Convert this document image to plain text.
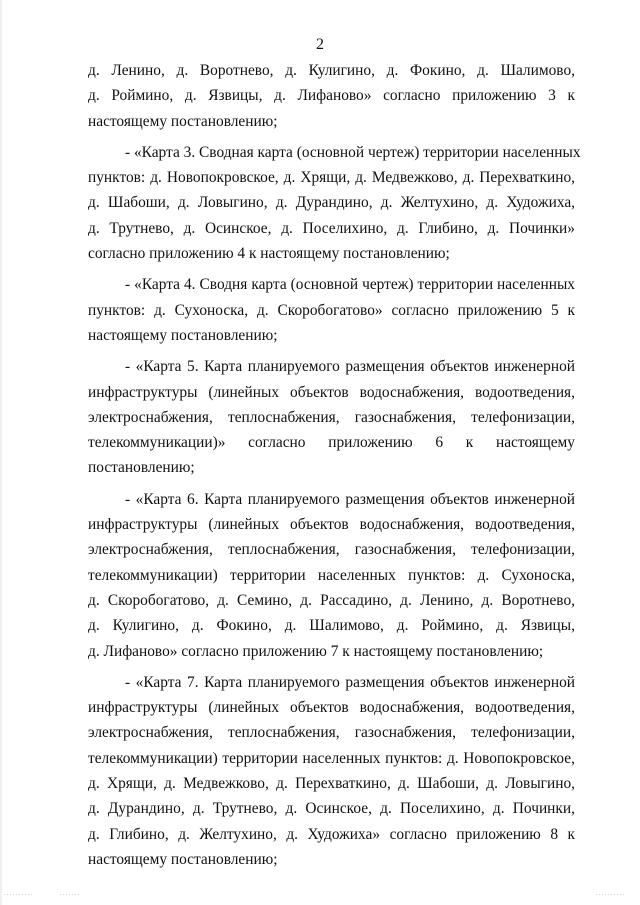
2
д. Ленино, д. Воротнево, д. Кулигино, д. Фокино, д. Шалимово,
д. Роймино, д. Язвицы, д. Лифаново» согласно приложению 3 к
настоящему постановлению;
- «Карта 3. Сводная карта (основной чертеж) территории населенных
пунктов: д. Новопокровское, д. Хрящи, д. Медвежково, д. Перехваткино,
д. Шабоши, д. Ловыгино, д. Дурандино, д. Желтухино, д. Художиха,
д. Трутнево, д. Осинское, д. Поселихино, д. Глибино, д. Починки»
согласно приложению 4 к настоящему постановлению;
- «Карта 4. Сводня карта (основной чертеж) территории населенных
пунктов: д. Сухоноска, д. Скоробогатово» согласно приложению 5 к
настоящему постановлению;
- «Карта 5. Карта планируемого размещения объектов инженерной
инфраструктуры (линейных объектов водоснабжения, водоотведения,
электроснабжения, теплоснабжения, газоснабжения, телефонизации,
телекоммуникации)» согласно приложению 6 к настоящему
постановлению;
- «Карта 6. Карта планируемого размещения объектов инженерной
инфраструктуры (линейных объектов водоснабжения, водоотведения,
электроснабжения, теплоснабжения, газоснабжения, телефонизации,
телекоммуникации) территории населенных пунктов: д. Сухоноска,
д. Скоробогатово, д. Семино, д. Рассадино, д. Ленино, д. Воротнево,
д. Кулигино, д. Фокино, д. Шалимово, д. Роймино, д. Язвицы,
д. Лифаново» согласно приложению 7 к настоящему постановлению;
- «Карта 7. Карта планируемого размещения объектов инженерной
инфраструктуры (линейных объектов водоснабжения, водоотведения,
электроснабжения, теплоснабжения, газоснабжения, телефонизации,
телекоммуникации) территории населенных пунктов: д. Новопокровское,
д. Хрящи, д. Медвежково, д. Перехваткино, д. Шабоши, д. Ловыгино,
д. Дурандино, д. Трутнево, д. Осинское, д. Поселихино, д. Починки,
д. Глибино, д. Желтухино, д. Художиха» согласно приложению 8 к
настоящему постановлению;
